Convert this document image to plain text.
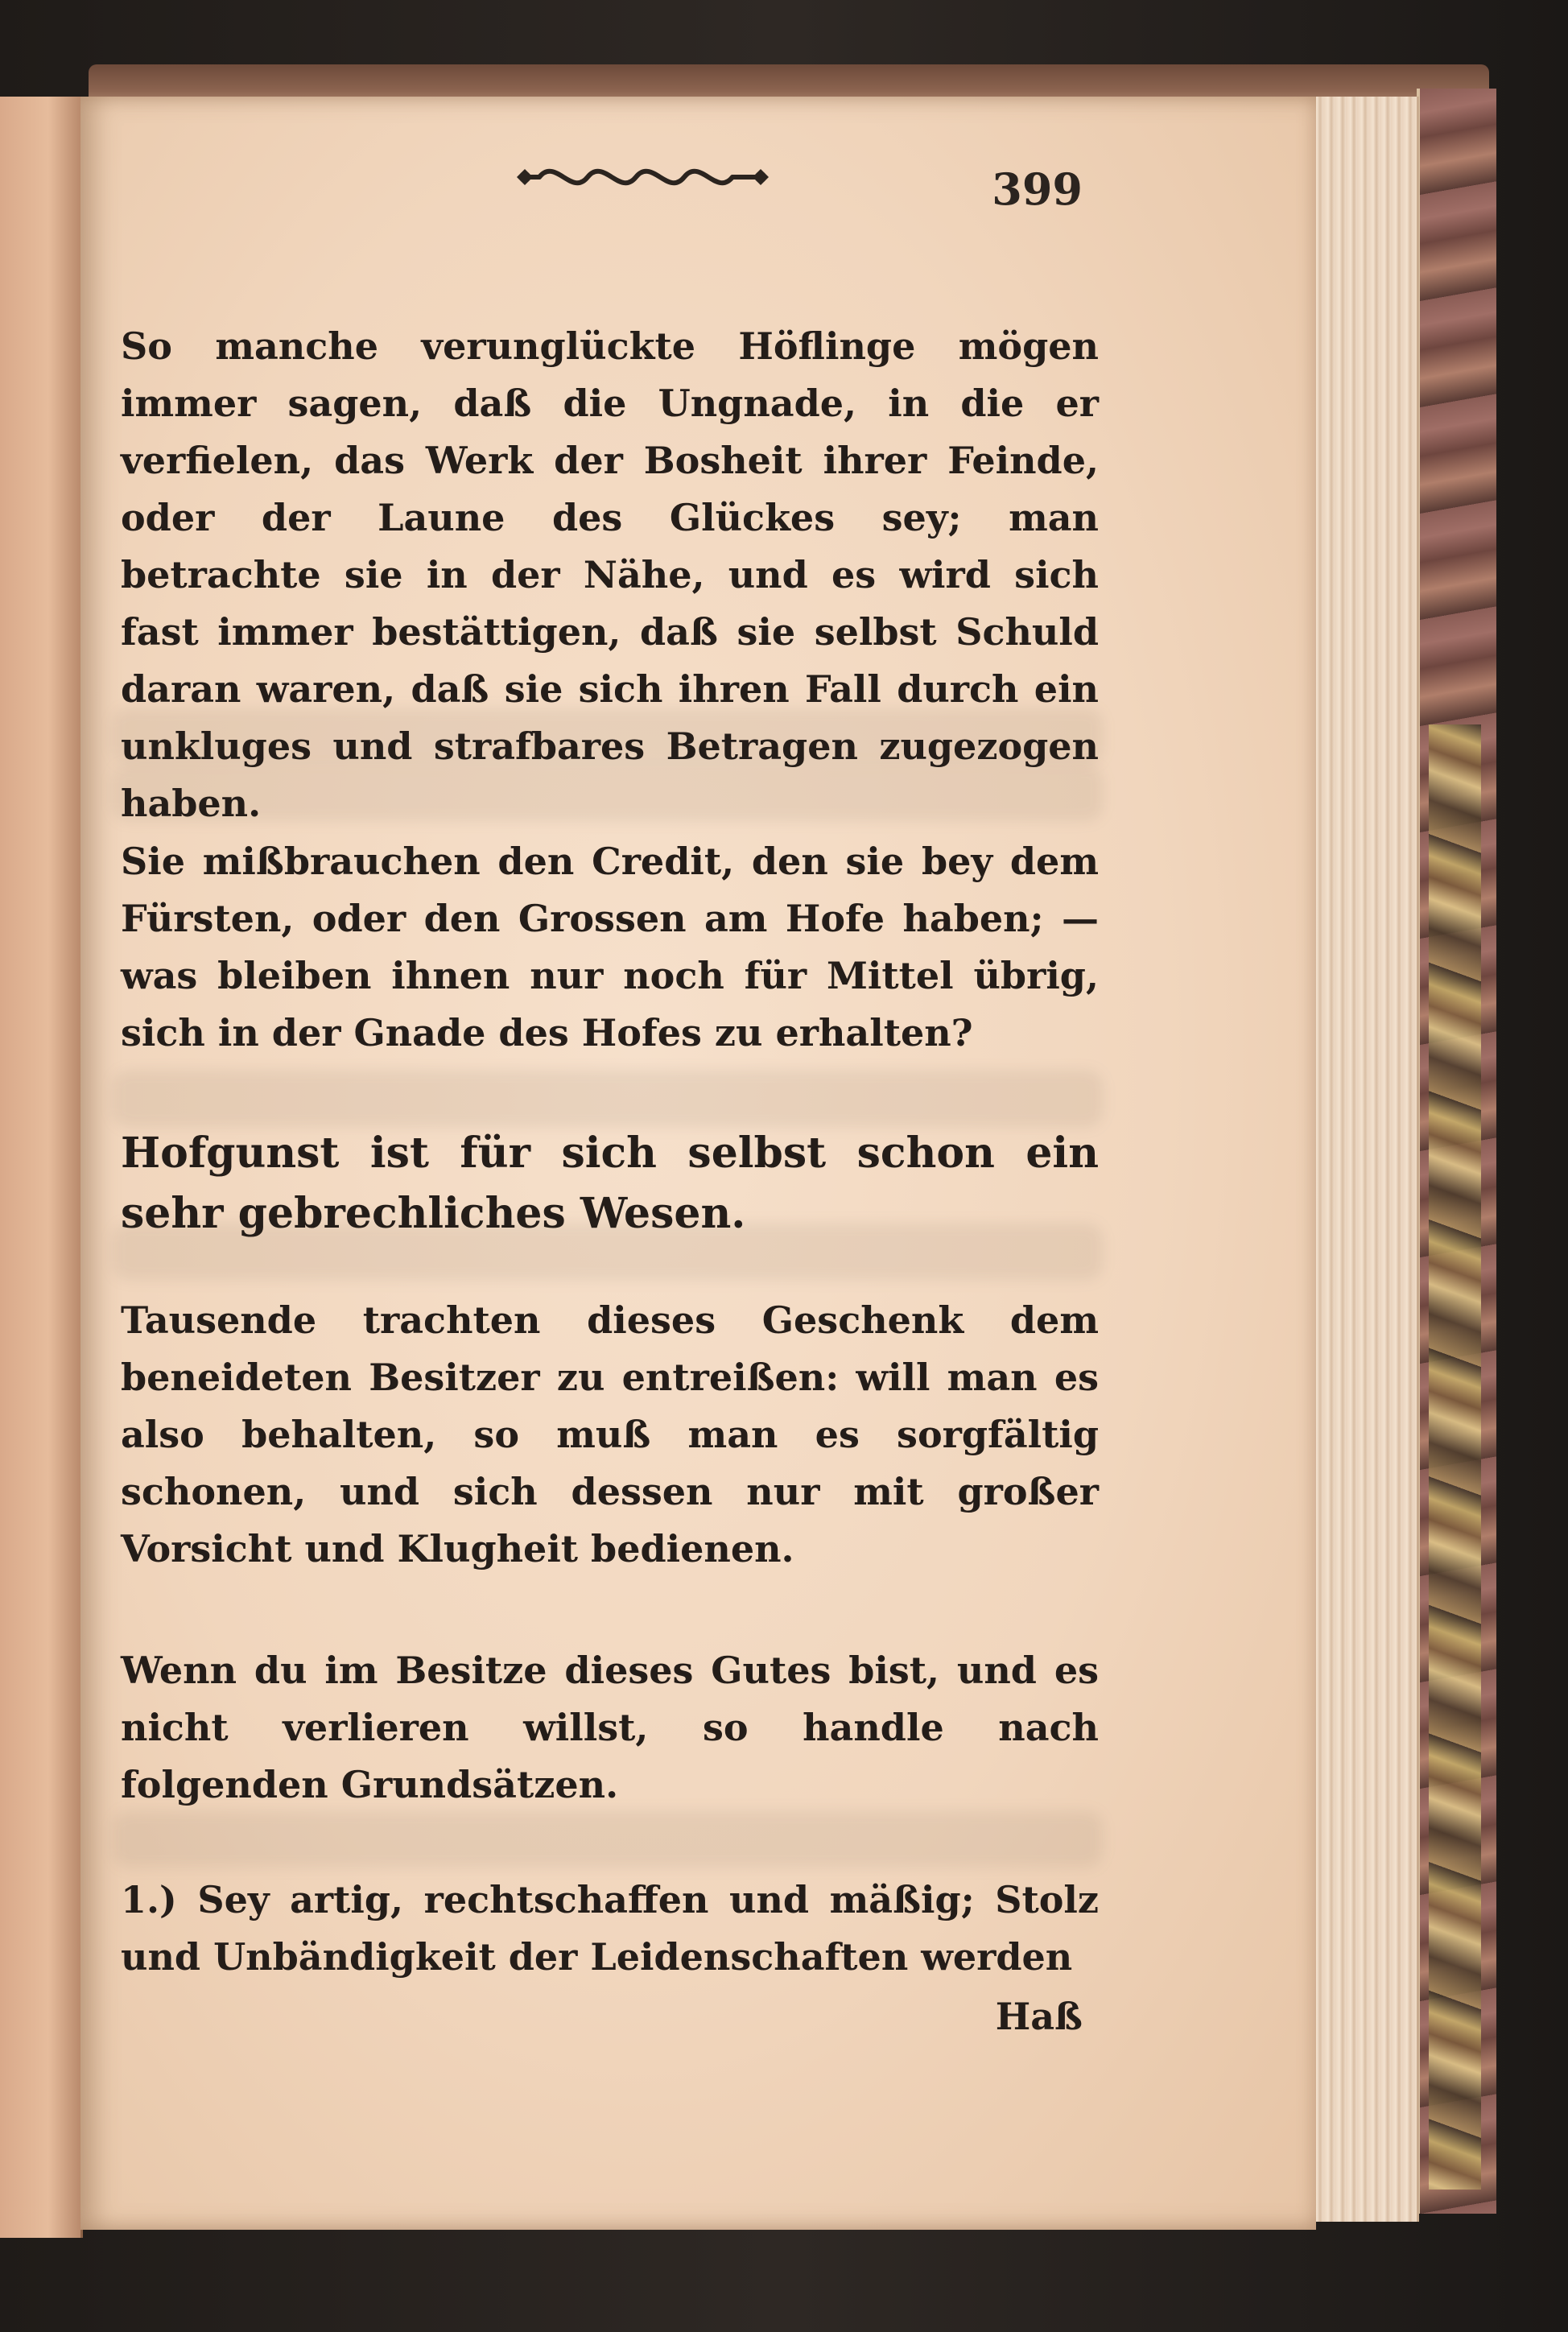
399
So manche verunglückte Höflinge mögen immer sagen, daß die Ungnade, in die er verfielen, das Werk der Bosheit ihrer Feinde, oder der Laune des Glückes sey; man betrachte sie in der Nähe, und es wird sich fast immer bestättigen, daß sie selbst Schuld daran waren, daß sie sich ihren Fall durch ein unkluges und strafbares Betragen zugezogen haben.
Sie mißbrauchen den Credit, den sie bey dem Fürsten, oder den Grossen am Hofe haben; — was bleiben ihnen nur noch für Mittel übrig, sich in der Gnade des Hofes zu erhalten?
Hofgunst ist für sich selbst schon ein sehr gebrechliches Wesen.
Tausende trachten dieses Geschenk dem beneideten Besitzer zu entreißen: will man es also behalten, so muß man es sorgfältig schonen, und sich dessen nur mit großer Vorsicht und Klugheit bedienen.
Wenn du im Besitze dieses Gutes bist, und es nicht verlieren willst, so handle nach folgenden Grundsätzen.
1.) Sey artig, rechtschaffen und mäßig; Stolz und Unbändigkeit der Leidenschaften werden
Haß
